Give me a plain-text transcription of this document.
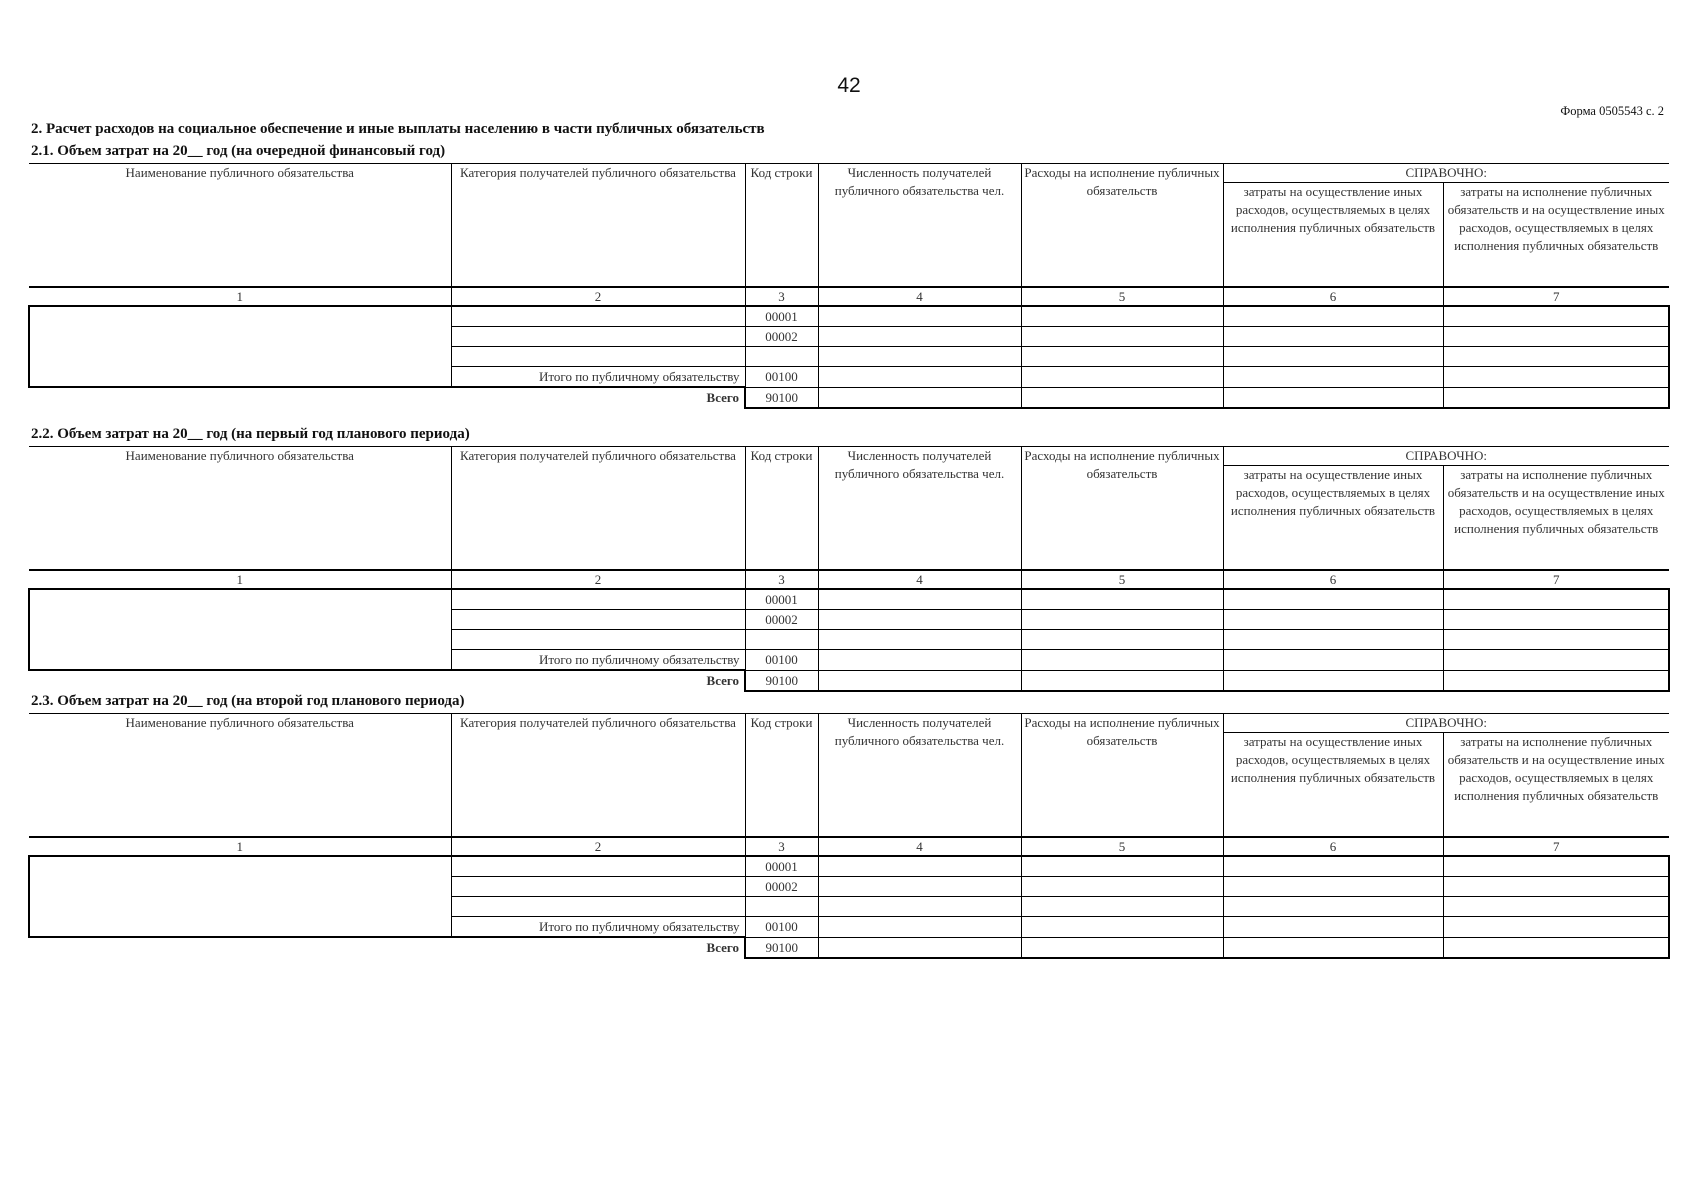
42
Форма 0505543 с. 2
2. Расчет расходов на социальное обеспечение и иные выплаты населению в части публичных обязательств
2.1. Объем затрат на 20__ год (на очередной финансовый год)
Наименование публичного обязательства	Категория получателей публичного обязательства	Код строки	Численность получателей публичного обязательства чел.	Расходы на исполнение публичных обязательств	СПРАВОЧНО:	
					затраты на осуществление иных расходов, осуществляемых в целях исполнения публичных обязательств	затраты на исполнение публичных обязательств и на осуществление иных расходов, осуществляемых в целях исполнения публичных обязательств
1	2	3	4	5	6	7
		00001				
		00002				

	Итого по публичному обязательству	00100				
Всего		90100				
2.2. Объем затрат на 20__ год (на первый год планового периода)
Наименование публичного обязательства	Категория получателей публичного обязательства	Код строки	Численность получателей публичного обязательства чел.	Расходы на исполнение публичных обязательств	СПРАВОЧНО:	
					затраты на осуществление иных расходов, осуществляемых в целях исполнения публичных обязательств	затраты на исполнение публичных обязательств и на осуществление иных расходов, осуществляемых в целях исполнения публичных обязательств
1	2	3	4	5	6	7
		00001				
		00002				

	Итого по публичному обязательству	00100				
Всего		90100				
2.3. Объем затрат на 20__ год (на второй год планового периода)
Наименование публичного обязательства	Категория получателей публичного обязательства	Код строки	Численность получателей публичного обязательства чел.	Расходы на исполнение публичных обязательств	СПРАВОЧНО:	
					затраты на осуществление иных расходов, осуществляемых в целях исполнения публичных обязательств	затраты на исполнение публичных обязательств и на осуществление иных расходов, осуществляемых в целях исполнения публичных обязательств
1	2	3	4	5	6	7
		00001				
		00002				

	Итого по публичному обязательству	00100				
Всего		90100				
